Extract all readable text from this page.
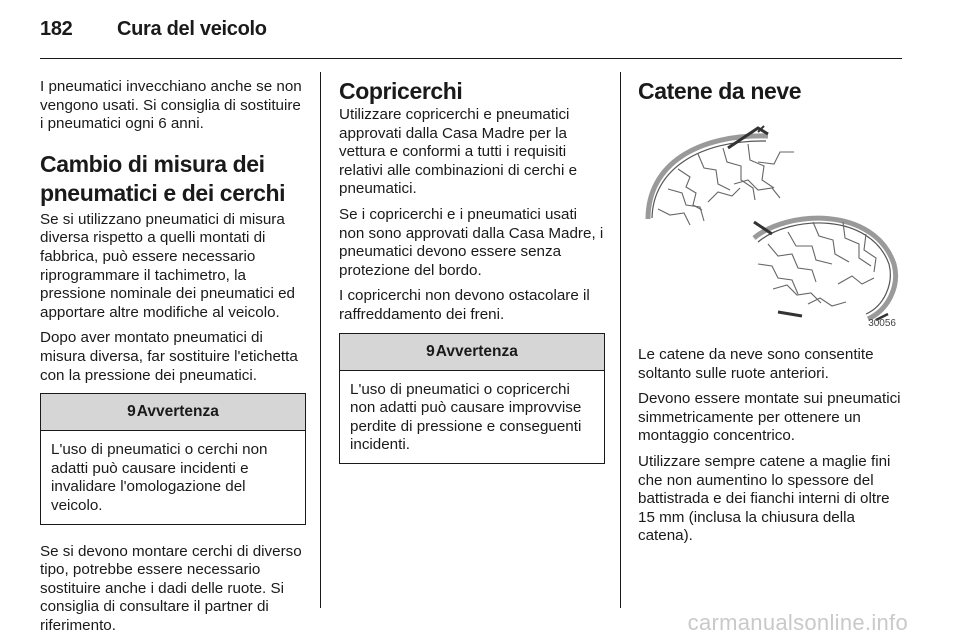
182 Cura del veicolo

I pneumatici invecchiano anche se non vengono usati. Si consiglia di sostituire i pneumatici ogni 6 anni.

Cambio di misura dei pneumatici e dei cerchi

Se si utilizzano pneumatici di misura diversa rispetto a quelli montati di fabbrica, può essere necessario riprogrammare il tachimetro, la pressione nominale dei pneumatici ed apportare altre modifiche al veicolo.

Dopo aver montato pneumatici di misura diversa, far sostituire l'etichetta con la pressione dei pneumatici.

9Avvertenza
L'uso di pneumatici o cerchi non adatti può causare incidenti e invalidare l'omologazione del veicolo.

Se si devono montare cerchi di diverso tipo, potrebbe essere necessario sostituire anche i dadi delle ruote. Si consiglia di consultare il partner di riferimento.

Copricerchi

Utilizzare copricerchi e pneumatici approvati dalla Casa Madre per la vettura e conformi a tutti i requisiti relativi alle combinazioni di cerchi e pneumatici.

Se i copricerchi e i pneumatici usati non sono approvati dalla Casa Madre, i pneumatici devono essere senza protezione del bordo.

I copricerchi non devono ostacolare il raffreddamento dei freni.

9Avvertenza
L'uso di pneumatici o copricerchi non adatti può causare improvvise perdite di pressione e conseguenti incidenti.
Catene da neve
30056

Le catene da neve sono consentite soltanto sulle ruote anteriori.

Devono essere montate sui pneumatici simmetricamente per ottenere un montaggio concentrico.

Utilizzare sempre catene a maglie fini che non aumentino lo spessore del battistrada e dei fianchi interni di oltre 15 mm (inclusa la chiusura della catena).

carmanualsonline.info
